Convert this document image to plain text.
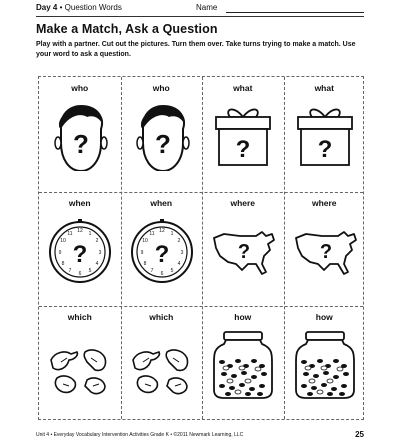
Day 4 • Question Words	Name
Make a Match, Ask a Question
Play with a partner. Cut out the pictures. Turn them over. Take turns trying to make a match. Use your word to ask a question.
who
?
who
?
what
?
what
?
when
12 1
2
3
4
5
6
7
8
9
10
11
?
when
12 1
2
3
4
5
6
7
8
9
10
11
?
where
?
where
?
which	which	how	how
Unit 4 • Everyday Vocabulary Intervention Activities Grade K • ©2011 Newmark Learning, LLC	25
